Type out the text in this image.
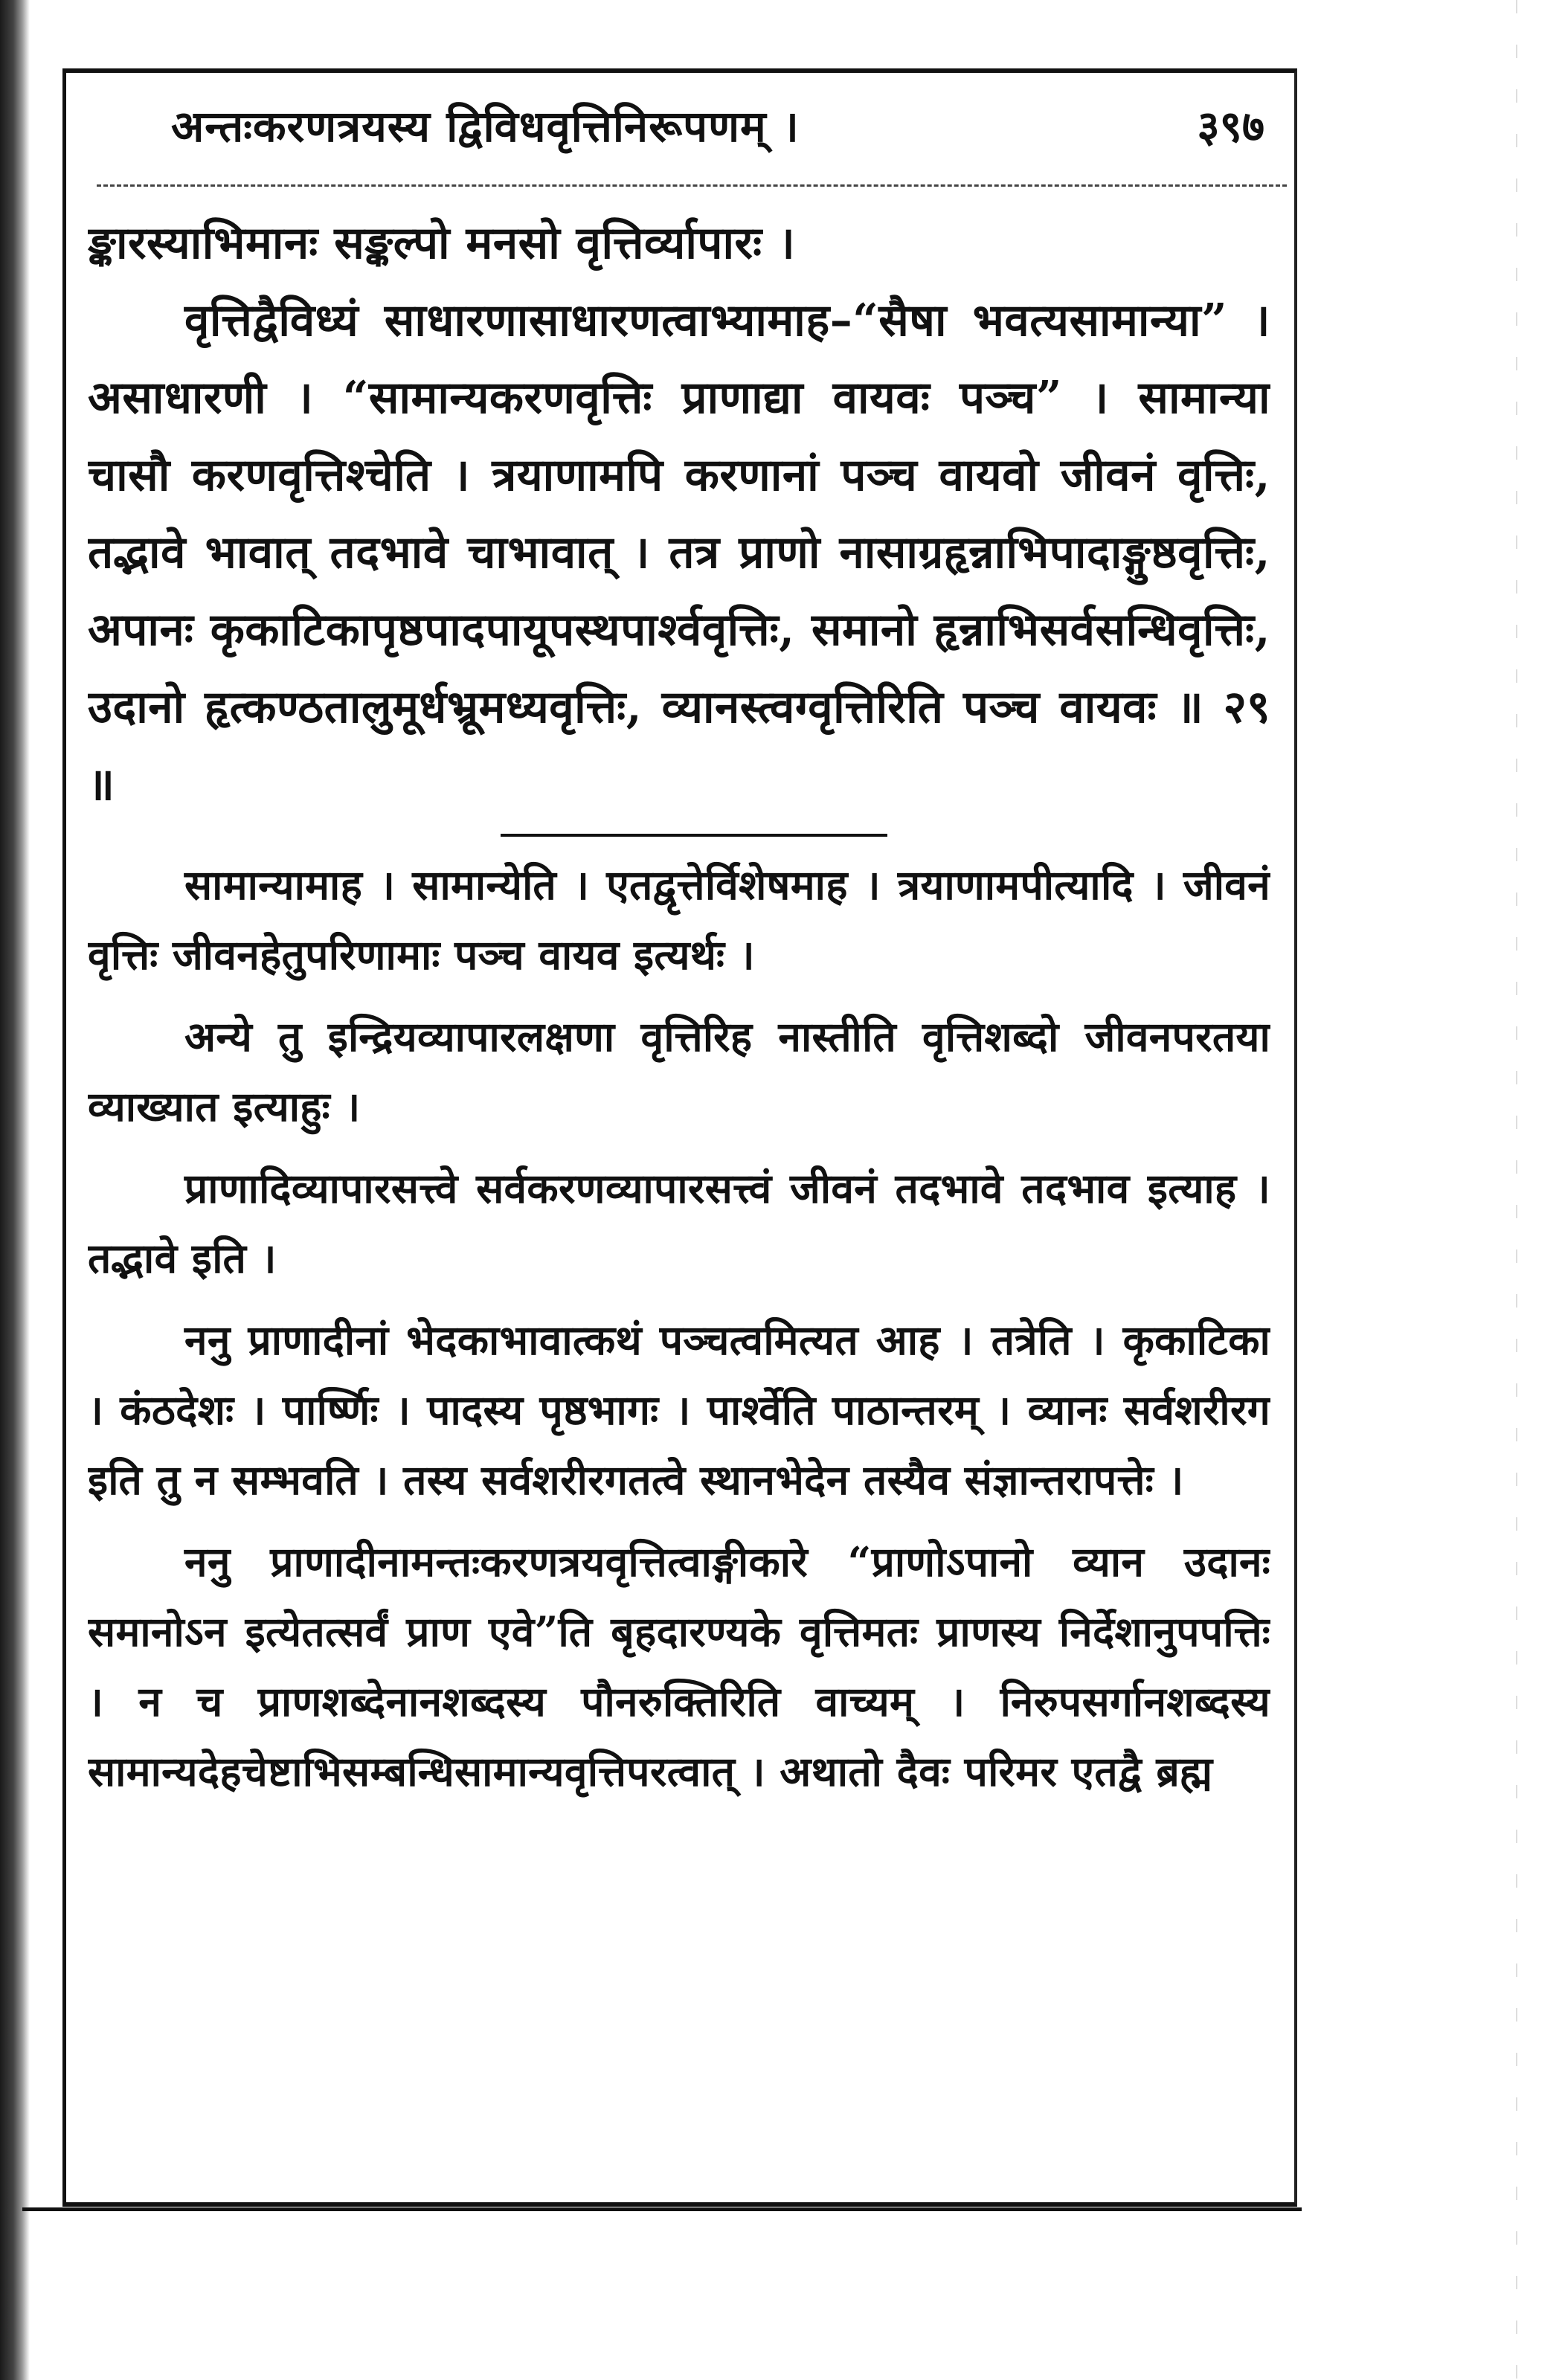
अन्तःकरणत्रयस्य द्विविधवृत्तिनिरूपणम् ।	३९७
ङ्कारस्याभिमानः सङ्कल्पो मनसो वृत्तिर्व्यापारः ।
वृत्तिद्वैविध्यं साधारणासाधारणत्वाभ्यामाह–“सैषा भवत्यसामान्या” । असाधारणी । “सामान्यकरणवृत्तिः प्राणाद्या वायवः पञ्च” । सामान्या चासौ करणवृत्तिश्चेति । त्रयाणामपि करणानां पञ्च वायवो जीवनं वृत्तिः, तद्भावे भावात् तदभावे चाभावात् । तत्र प्राणो नासाग्रहृन्नाभिपादाङ्गुष्ठवृत्तिः, अपानः कृकाटिकापृष्ठपादपायूपस्थपार्श्ववृत्तिः, समानो हृन्नाभिसर्वसन्धिवृत्तिः, उदानो हृत्कण्ठतालुमूर्धभ्रूमध्यवृत्तिः, व्यानस्त्वग्वृत्तिरिति पञ्च वायवः ॥ २९ ॥

सामान्यामाह । सामान्येति । एतद्वृत्तेर्विशेषमाह । त्रयाणामपीत्यादि । जीवनं वृत्तिः जीवनहेतुपरिणामाः पञ्च वायव इत्यर्थः ।

अन्ये तु इन्द्रियव्यापारलक्षणा वृत्तिरिह नास्तीति वृत्तिशब्दो जीवनपरतया व्याख्यात इत्याहुः ।

प्राणादिव्यापारसत्त्वे सर्वकरणव्यापारसत्त्वं जीवनं तदभावे तदभाव इत्याह । तद्भावे इति ।

ननु प्राणादीनां भेदकाभावात्कथं पञ्चत्वमित्यत आह । तत्रेति । कृकाटिका । कंठदेशः । पार्ष्णिः । पादस्य पृष्ठभागः । पार्श्वेति पाठान्तरम् । व्यानः सर्वशरीरग इति तु न सम्भवति । तस्य सर्वशरीरगतत्वे स्थानभेदेन तस्यैव संज्ञान्तरापत्तेः ।

ननु प्राणादीनामन्तःकरणत्रयवृत्तित्वाङ्गीकारे “प्राणोऽपानो व्यान उदानः समानोऽन इत्येतत्सर्वं प्राण एवे”ति बृहदारण्यके वृत्तिमतः प्राणस्य निर्देशानुपपत्तिः । न च प्राणशब्देनानशब्दस्य पौनरुक्तिरिति वाच्यम् । निरुपसर्गानशब्दस्य सामान्यदेहचेष्टाभिसम्बन्धिसामान्यवृत्तिपरत्वात् । अथातो दैवः परिमर एतद्वै ब्रह्म
